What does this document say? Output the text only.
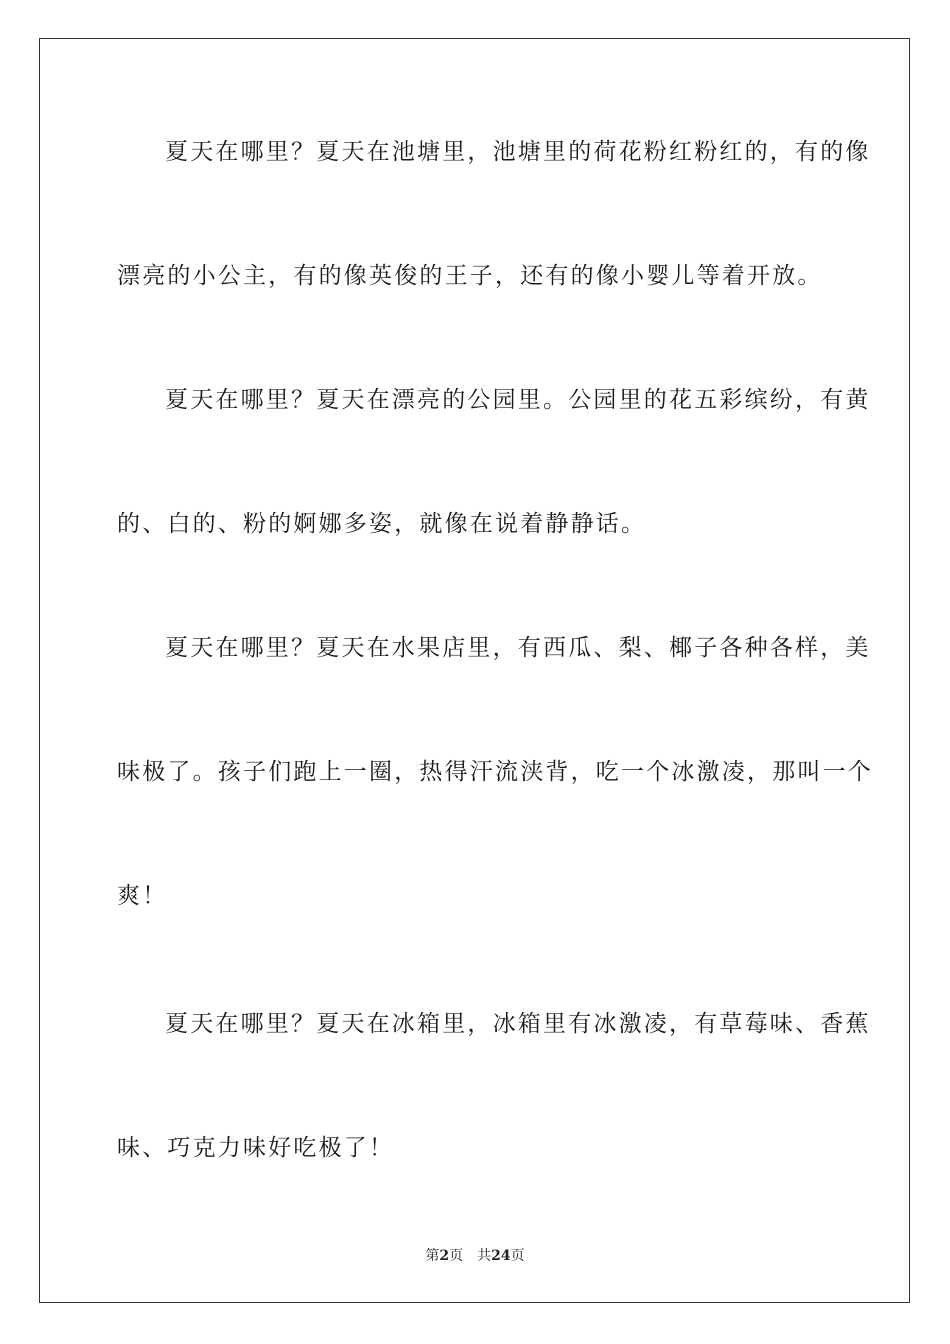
夏天在哪里？夏天在池塘里，池塘里的荷花粉红粉红的，有的像
漂亮的小公主，有的像英俊的王子，还有的像小婴儿等着开放。
夏天在哪里？夏天在漂亮的公园里。公园里的花五彩缤纷，有黄
的、白的、粉的婀娜多姿，就像在说着静静话。
夏天在哪里？夏天在水果店里，有西瓜、梨、椰子各种各样，美
味极了。孩子们跑上一圈，热得汗流浃背，吃一个冰激凌，那叫一个
爽！
夏天在哪里？夏天在冰箱里，冰箱里有冰激凌，有草莓味、香蕉
味、巧克力味好吃极了！
第2页 共24页
